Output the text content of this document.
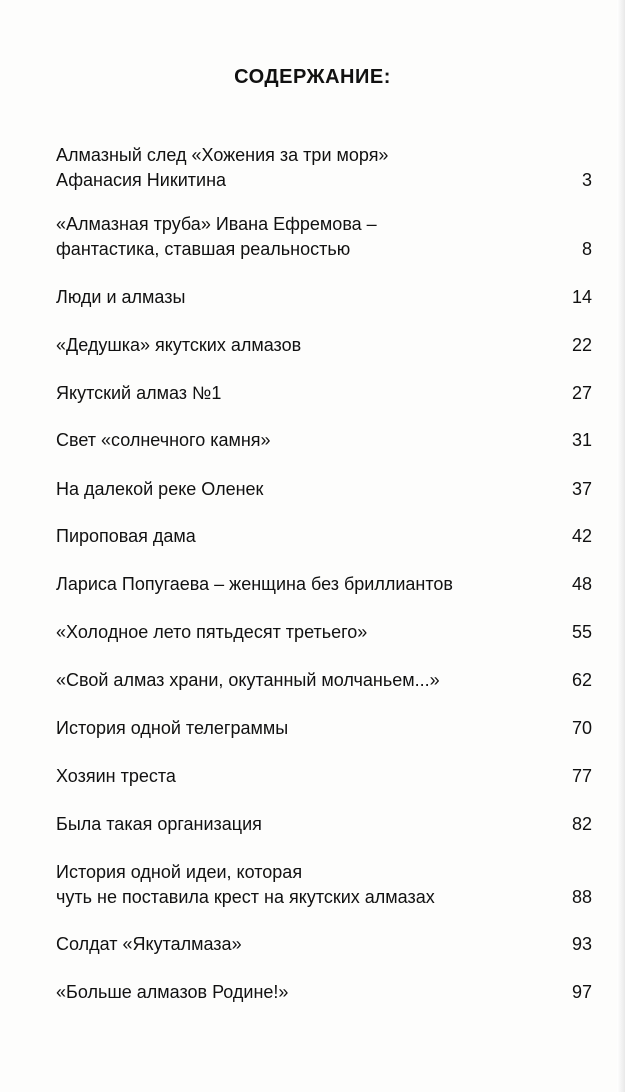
СОДЕРЖАНИЕ:
Алмазный след «Хожения за три моря»
Афанасия Никитина	3
«Алмазная труба» Ивана Ефремова –
фантастика, ставшая реальностью	8
Люди и алмазы	14
«Дедушка» якутских алмазов	22
Якутский алмаз №1	27
Свет «солнечного камня»	31
На далекой реке Оленек	37
Пироповая дама	42
Лариса Попугаева – женщина без бриллиантов	48
«Холодное лето пятьдесят третьего»	55
«Свой алмаз храни, окутанный молчаньем...»	62
История одной телеграммы	70
Хозяин треста	77
Была такая организация	82
История одной идеи, которая
чуть не поставила крест на якутских алмазах	88
Солдат «Якуталмаза»	93
«Больше алмазов Родине!»	97
